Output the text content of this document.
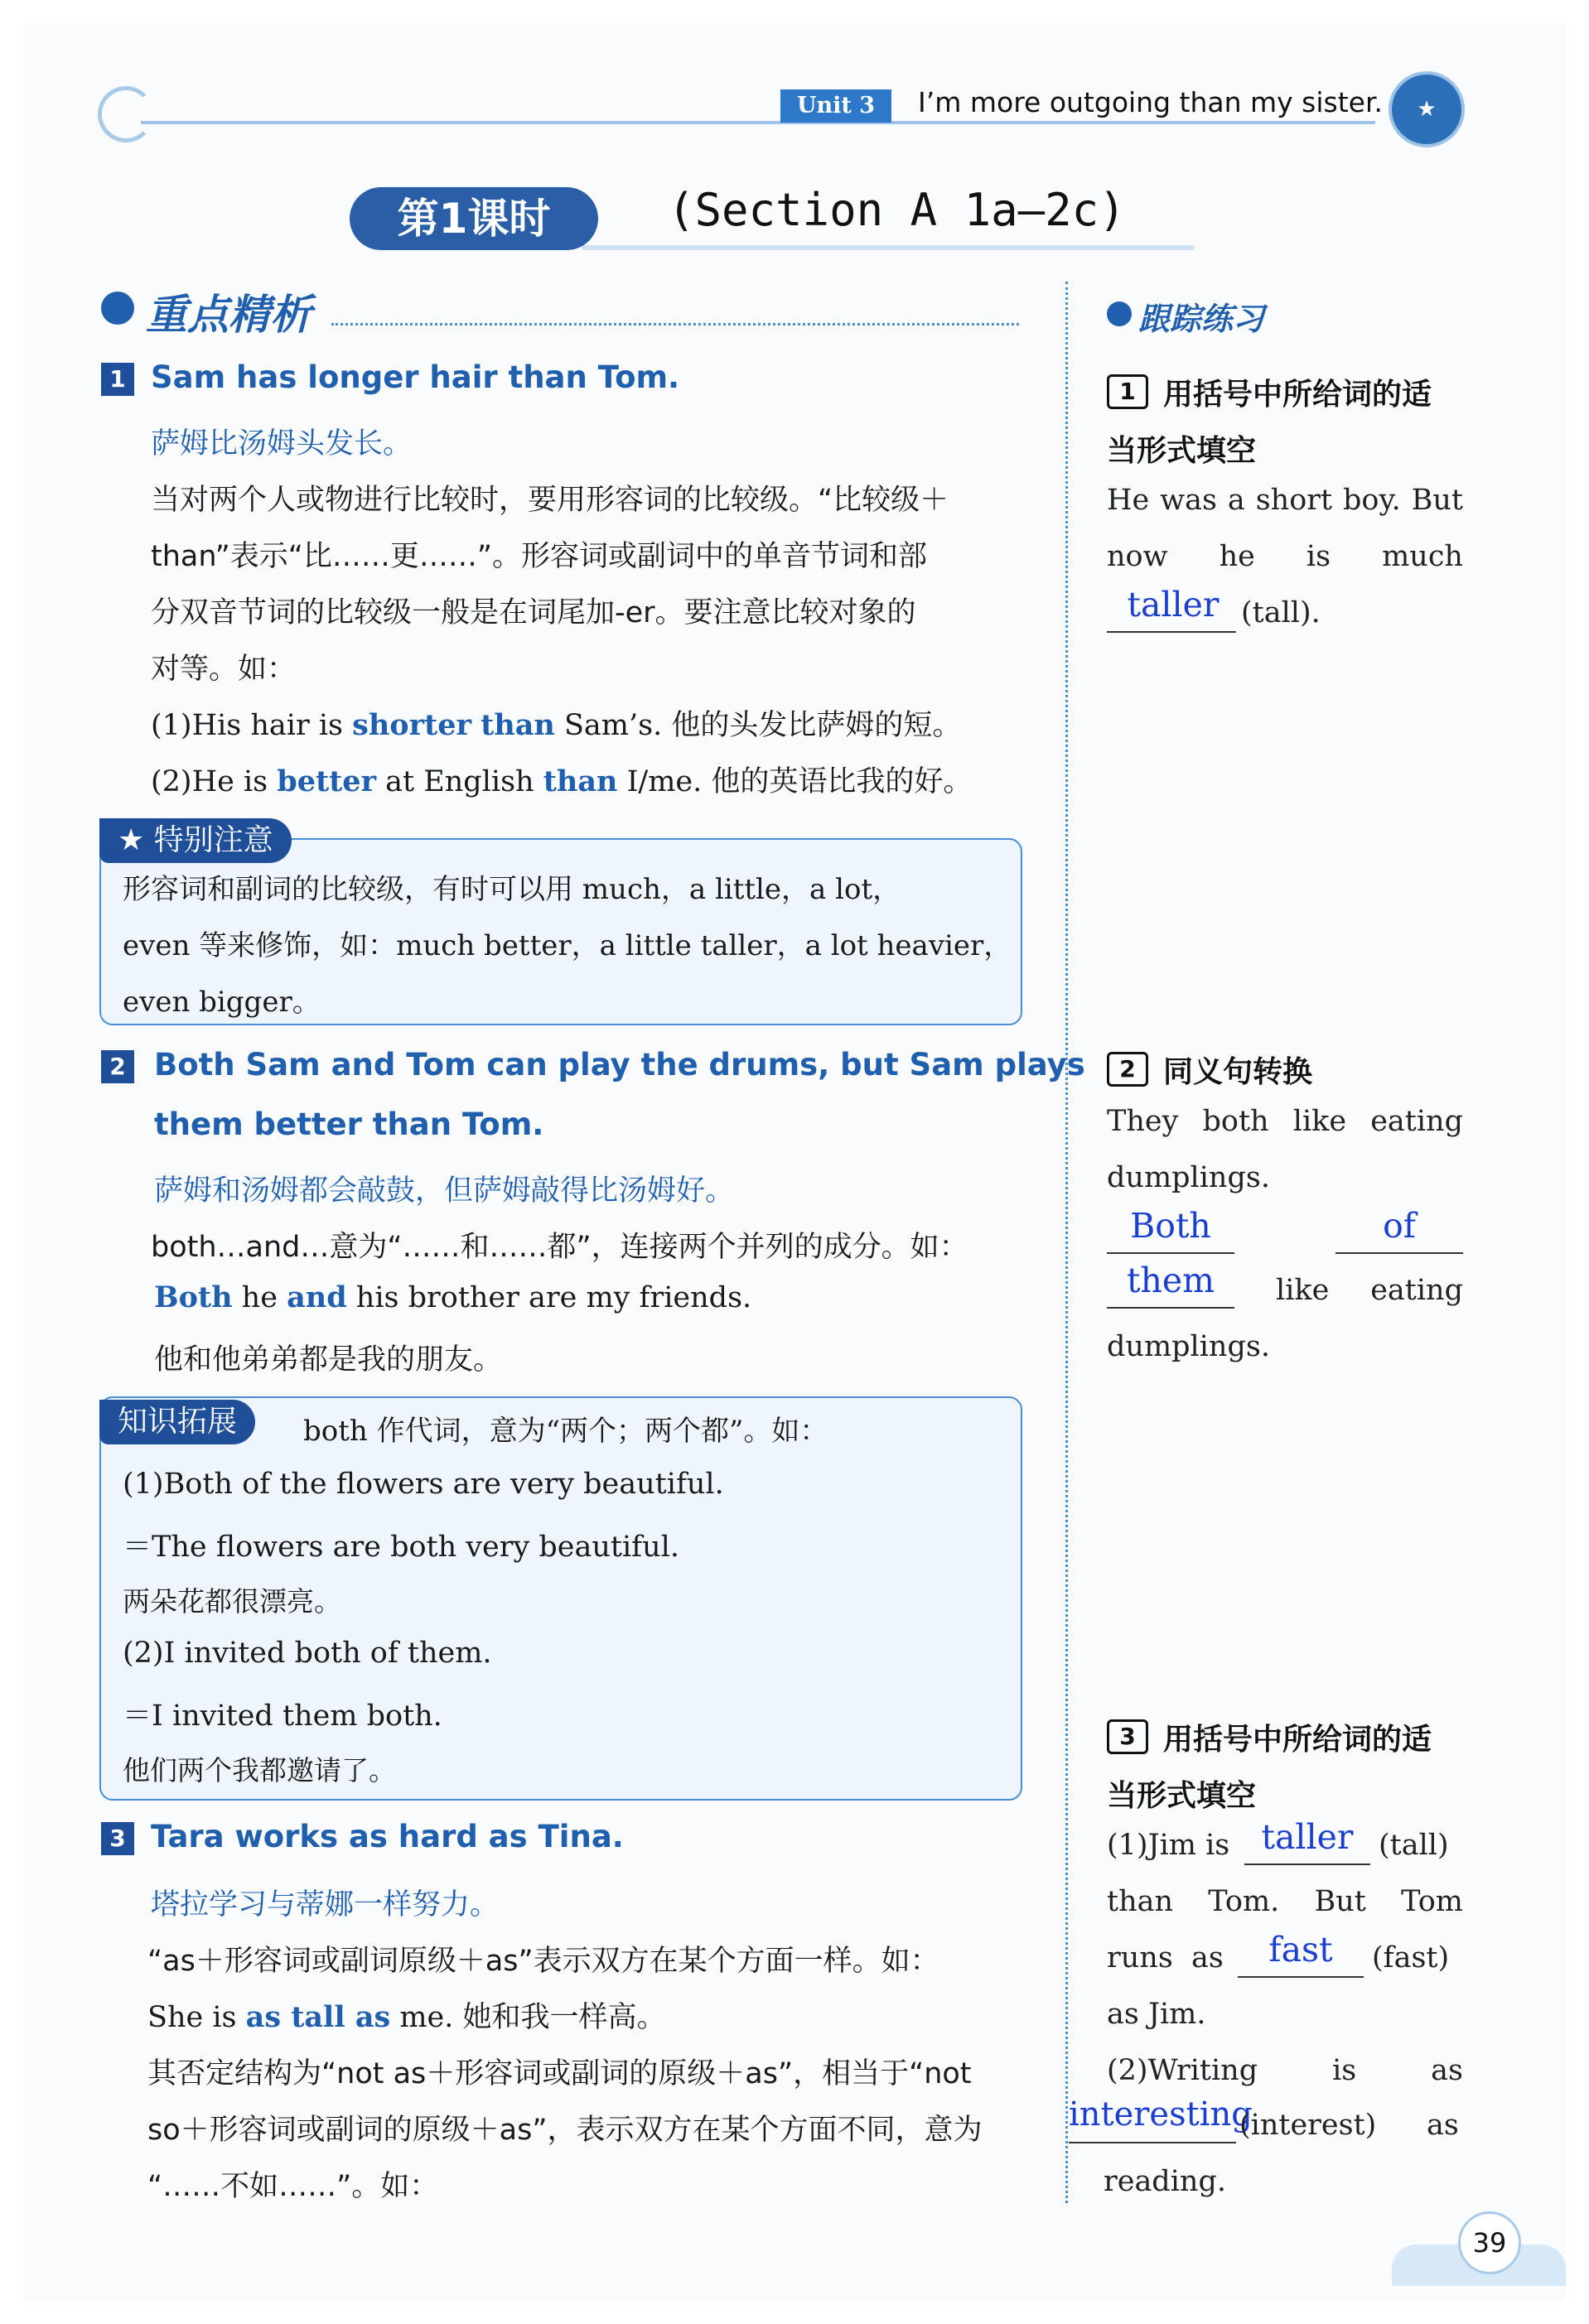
Unit 3	I’m more outgoing than my sister.	★
第1课时	(Section A 1a—2c)
重点精析
1 Sam has longer hair than Tom.
萨姆比汤姆头发长。
当对两个人或物进行比较时，要用形容词的比较级。“比较级＋
than”表示“比……更……”。形容词或副词中的单音节词和部
分双音节词的比较级一般是在词尾加-er。要注意比较对象的
对等。如：
(1)His hair is shorter than Sam’s. 他的头发比萨姆的短。
(2)He is better at English than I/me. 他的英语比我的好。
★ 特别注意
形容词和副词的比较级，有时可以用 much，a little，a lot，
even 等来修饰，如：much better，a little taller，a lot heavier，
even bigger。
2 Both Sam and Tom can play the drums, but Sam plays
them better than Tom.
萨姆和汤姆都会敲鼓，但萨姆敲得比汤姆好。
both…and…意为“……和……都”，连接两个并列的成分。如：
Both he and his brother are my friends.
他和他弟弟都是我的朋友。
知识拓展	both 作代词，意为“两个；两个都”。如：
(1)Both of the flowers are very beautiful.
＝The flowers are both very beautiful.
两朵花都很漂亮。
(2)I invited both of them.
＝I invited them both.
他们两个我都邀请了。
3 Tara works as hard as Tina.
塔拉学习与蒂娜一样努力。
“as＋形容词或副词原级＋as”表示双方在某个方面一样。如：
She is as tall as me. 她和我一样高。
其否定结构为“not as＋形容词或副词的原级＋as”，相当于“not
so＋形容词或副词的原级＋as”，表示双方在某个方面不同，意为
“……不如……”。如：
跟踪练习
1 用括号中所给词的适
当形式填空
He was a short boy. But
now he is much
taller (tall).
2 同义句转换
They both like eating
dumplings.
Both	of
them	like eating
dumplings.
3 用括号中所给词的适
当形式填空
(1)Jim is taller (tall)
than Tom. But Tom
runs  as	fast	(fast)
as Jim.
(2)Writing	is	as
interesting
(interest) as
reading.
39
